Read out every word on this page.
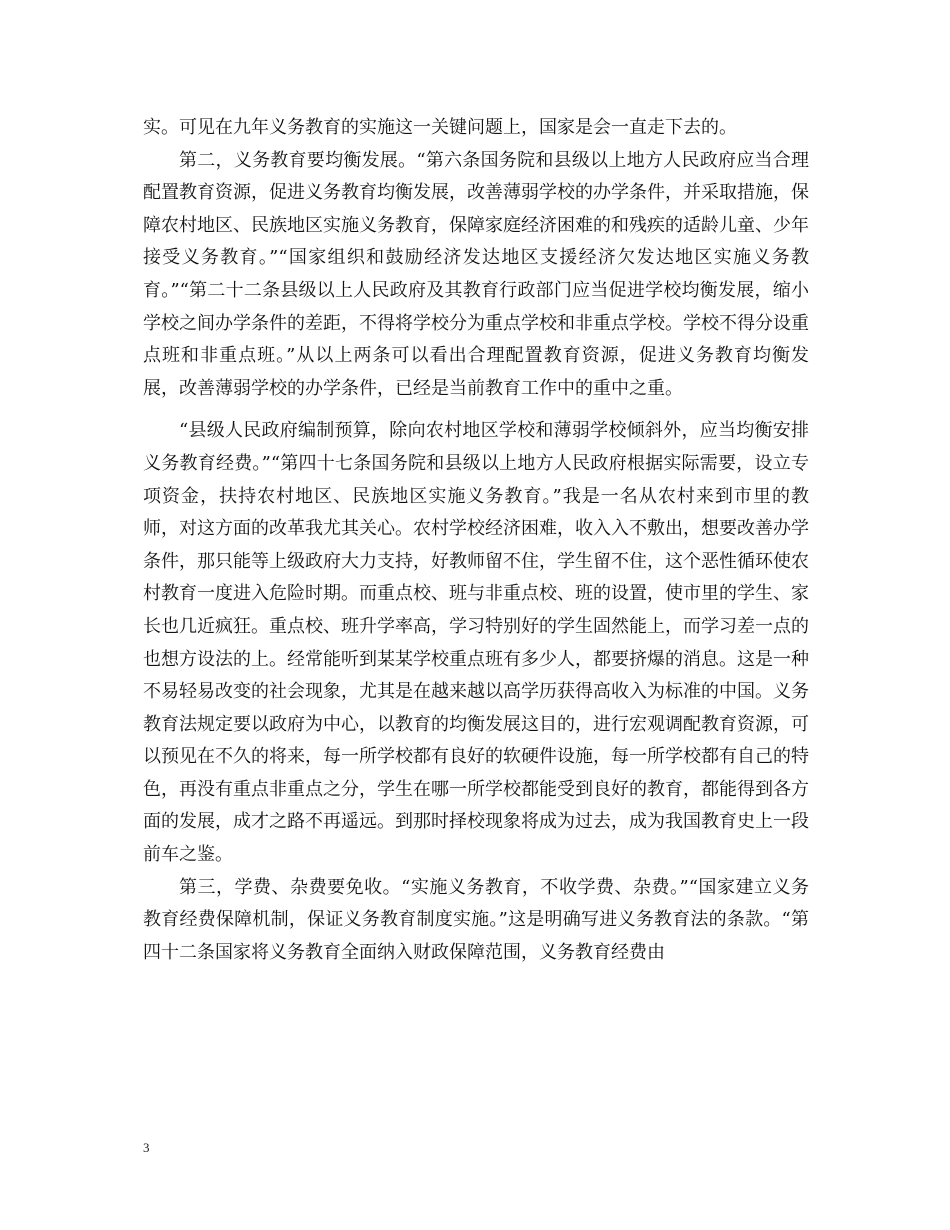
实。可见在九年义务教育的实施这一关键问题上，国家是会一直走下去的。

第二，义务教育要均衡发展。“第六条国务院和县级以上地方人民政府应当合理配置教育资源，促进义务教育均衡发展，改善薄弱学校的办学条件，并采取措施，保障农村地区、民族地区实施义务教育，保障家庭经济困难的和残疾的适龄儿童、少年接受义务教育。”“国家组织和鼓励经济发达地区支援经济欠发达地区实施义务教育。”“第二十二条县级以上人民政府及其教育行政部门应当促进学校均衡发展，缩小学校之间办学条件的差距，不得将学校分为重点学校和非重点学校。学校不得分设重点班和非重点班。”从以上两条可以看出合理配置教育资源，促进义务教育均衡发展，改善薄弱学校的办学条件，已经是当前教育工作中的重中之重。

“县级人民政府编制预算，除向农村地区学校和薄弱学校倾斜外，应当均衡安排义务教育经费。”“第四十七条国务院和县级以上地方人民政府根据实际需要，设立专项资金，扶持农村地区、民族地区实施义务教育。”我是一名从农村来到市里的教师，对这方面的改革我尤其关心。农村学校经济困难，收入入不敷出，想要改善办学条件，那只能等上级政府大力支持，好教师留不住，学生留不住，这个恶性循环使农村教育一度进入危险时期。而重点校、班与非重点校、班的设置，使市里的学生、家长也几近疯狂。重点校、班升学率高，学习特别好的学生固然能上，而学习差一点的也想方设法的上。经常能听到某某学校重点班有多少人，都要挤爆的消息。这是一种不易轻易改变的社会现象，尤其是在越来越以高学历获得高收入为标准的中国。义务教育法规定要以政府为中心，以教育的均衡发展这目的，进行宏观调配教育资源，可以预见在不久的将来，每一所学校都有良好的软硬件设施，每一所学校都有自己的特色，再没有重点非重点之分，学生在哪一所学校都能受到良好的教育，都能得到各方面的发展，成才之路不再遥远。到那时择校现象将成为过去，成为我国教育史上一段前车之鉴。

第三，学费、杂费要免收。“实施义务教育，不收学费、杂费。”“国家建立义务教育经费保障机制，保证义务教育制度实施。”这是明确写进义务教育法的条款。“第四十二条国家将义务教育全面纳入财政保障范围，义务教育经费由

3
